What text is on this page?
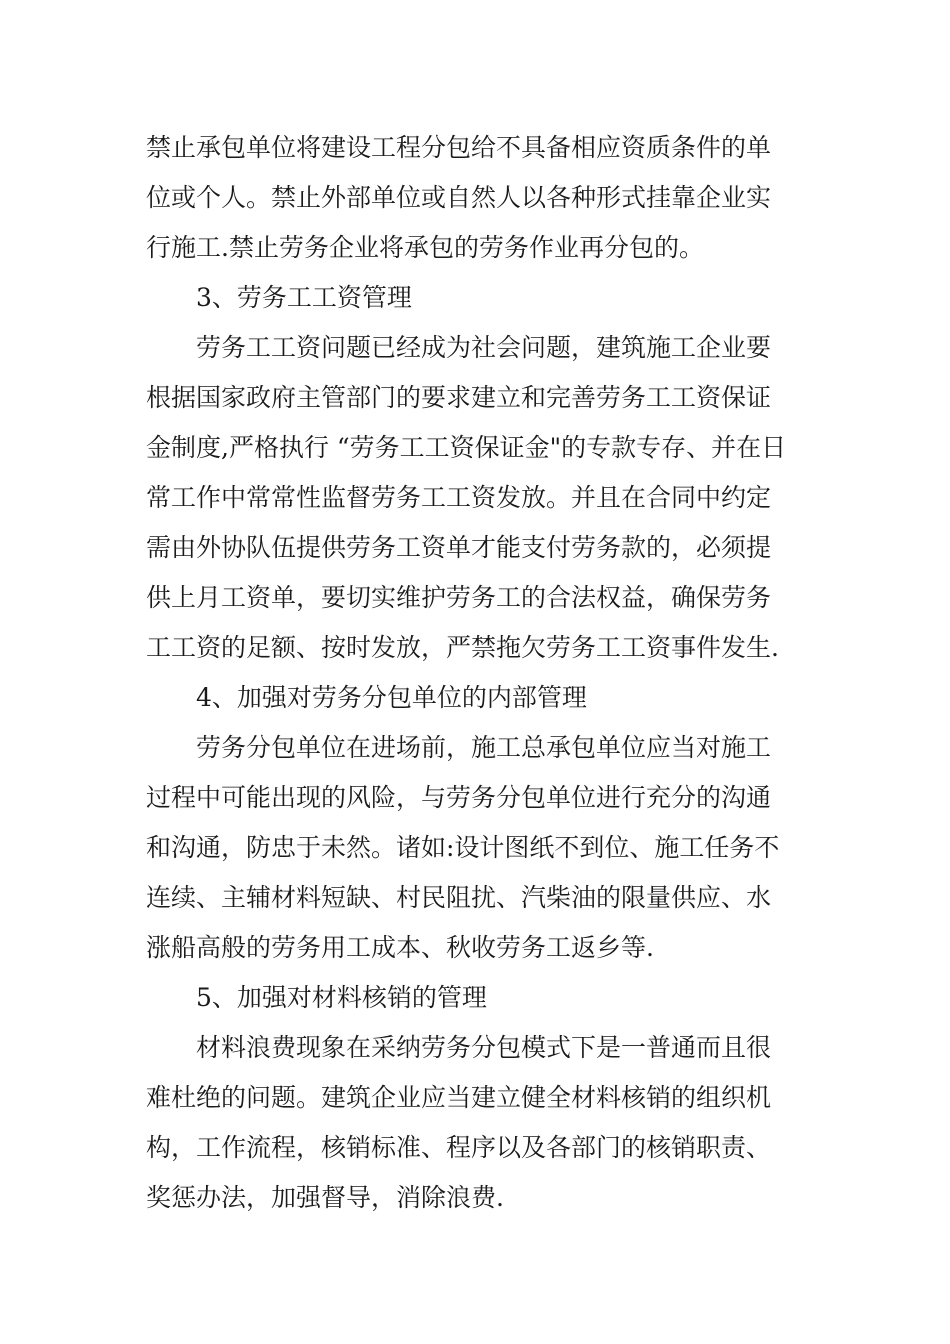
禁止承包单位将建设工程分包给不具备相应资质条件的单
位或个人。禁止外部单位或自然人以各种形式挂靠企业实
行施工.禁止劳务企业将承包的劳务作业再分包的。
3、劳务工工资管理
劳务工工资问题已经成为社会问题，建筑施工企业要
根据国家政府主管部门的要求建立和完善劳务工工资保证
金制度,严格执行 “劳务工工资保证金"的专款专存、并在日
常工作中常常性监督劳务工工资发放。并且在合同中约定
需由外协队伍提供劳务工资单才能支付劳务款的，必须提
供上月工资单，要切实维护劳务工的合法权益，确保劳务
工工资的足额、按时发放，严禁拖欠劳务工工资事件发生.
4、加强对劳务分包单位的内部管理
劳务分包单位在进场前，施工总承包单位应当对施工
过程中可能出现的风险，与劳务分包单位进行充分的沟通
和沟通，防忠于未然。诸如:设计图纸不到位、施工任务不
连续、主辅材料短缺、村民阻扰、汽柴油的限量供应、水
涨船高般的劳务用工成本、秋收劳务工返乡等.
5、加强对材料核销的管理
材料浪费现象在采纳劳务分包模式下是一普通而且很
难杜绝的问题。建筑企业应当建立健全材料核销的组织机
构，工作流程，核销标准、程序以及各部门的核销职责、
奖惩办法，加强督导，消除浪费.
